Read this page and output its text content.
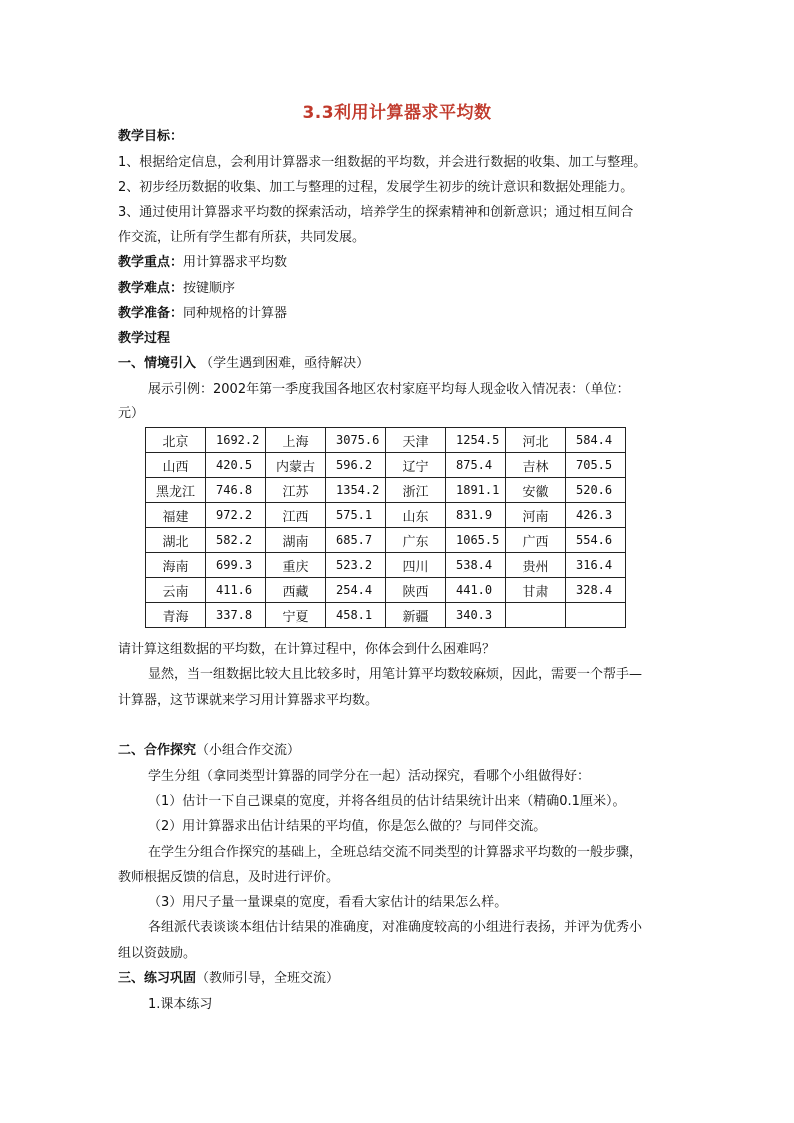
3.3利用计算器求平均数
教学目标：
1、根据给定信息，会利用计算器求一组数据的平均数，并会进行数据的收集、加工与整理。
2、初步经历数据的收集、加工与整理的过程，发展学生初步的统计意识和数据处理能力。
3、通过使用计算器求平均数的探索活动，培养学生的探索精神和创新意识；通过相互间合
作交流，让所有学生都有所获，共同发展。
教学重点：用计算器求平均数
教学难点：按键顺序
教学准备：同种规格的计算器
教学过程
一、情境引入 （学生遇到困难，亟待解决）
展示引例：2002年第一季度我国各地区农村家庭平均每人现金收入情况表：（单位：
元）
北京	1692.2	上海	3075.6	天津	1254.5	河北	584.4
山西	420.5	内蒙古	596.2	辽宁	875.4	吉林	705.5
黑龙江	746.8	江苏	1354.2	浙江	1891.1	安徽	520.6
福建	972.2	江西	575.1	山东	831.9	河南	426.3
湖北	582.2	湖南	685.7	广东	1065.5	广西	554.6
海南	699.3	重庆	523.2	四川	538.4	贵州	316.4
云南	411.6	西藏	254.4	陕西	441.0	甘肃	328.4
青海	337.8	宁夏	458.1	新疆	340.3		
请计算这组数据的平均数，在计算过程中，你体会到什么困难吗？
显然，当一组数据比较大且比较多时，用笔计算平均数较麻烦，因此，需要一个帮手—
计算器，这节课就来学习用计算器求平均数。
二、合作探究（小组合作交流）
学生分组（拿同类型计算器的同学分在一起）活动探究，看哪个小组做得好：
（1）估计一下自己课桌的宽度，并将各组员的估计结果统计出来（精确0.1厘米）。
（2）用计算器求出估计结果的平均值，你是怎么做的？与同伴交流。
在学生分组合作探究的基础上，全班总结交流不同类型的计算器求平均数的一般步骤，
教师根据反馈的信息，及时进行评价。
（3）用尺子量一量课桌的宽度，看看大家估计的结果怎么样。
各组派代表谈谈本组估计结果的准确度，对准确度较高的小组进行表扬，并评为优秀小
组以资鼓励。
三、练习巩固（教师引导，全班交流）
1.课本练习
